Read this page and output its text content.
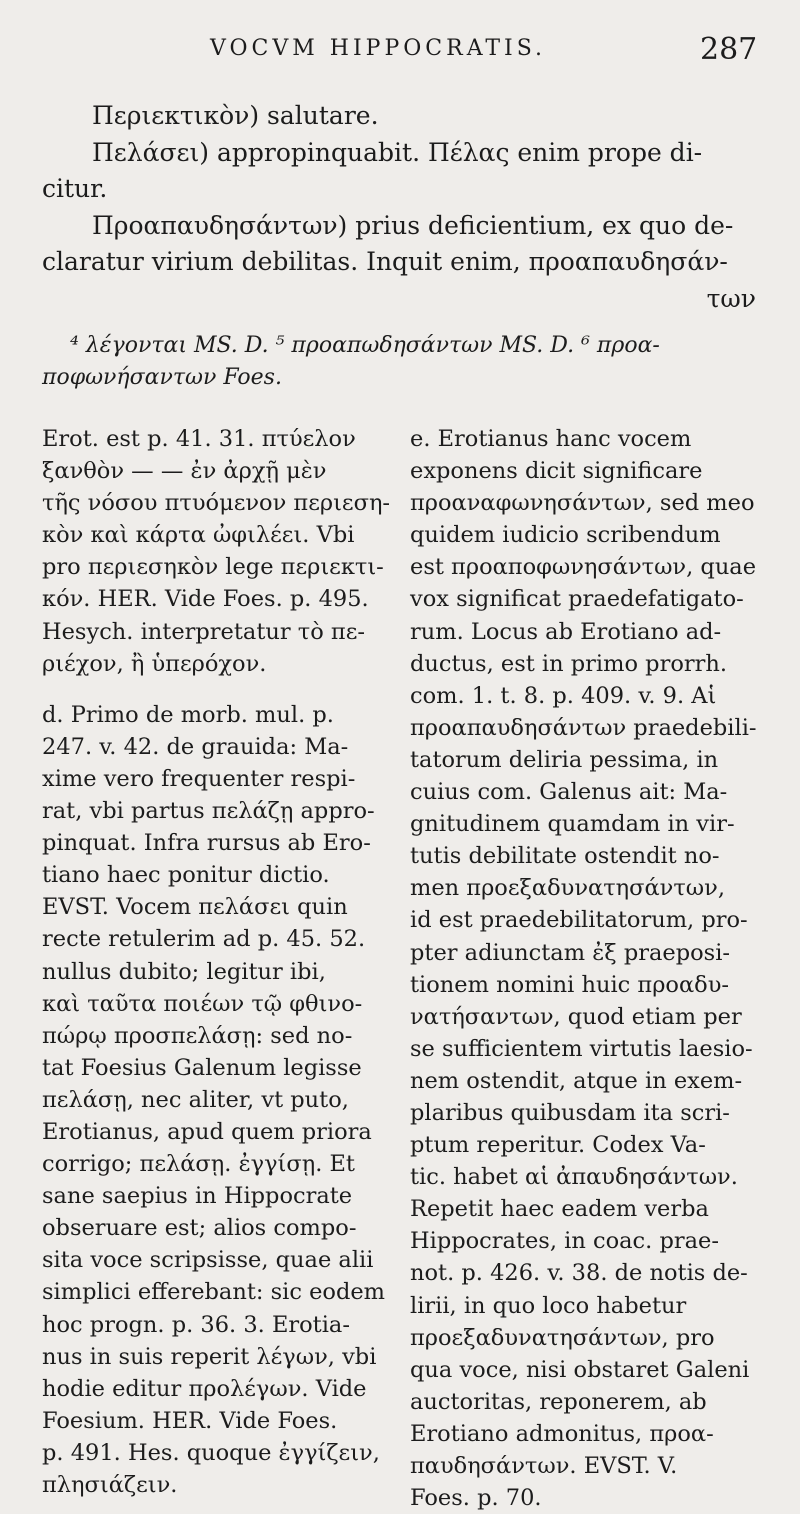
VOCVM HIPPOCRATIS.	287

Περιεκτικὸν) salutare.

Πελάσει) appropinquabit. Πέλας enim prope di-

citur.

Προαπαυδησάντων) prius deficientium, ex quo de-

claratur virium debilitas. Inquit enim, προαπαυδησάν-

των

⁴ λέγονται MS. D. ⁵ προαπωδησάντων MS. D. ⁶ προα-

ποφωνήσαντων Foes.

Erot. est p. 41. 31. πτύελον

ξανθὸν — — ἐν ἀρχῇ μὲν

τῆς νόσου πτυόμενον περιεση-

κὸν καὶ κάρτα ὠφιλέει. Vbi

pro περιεσηκὸν lege περιεκτι-

κόν. HER. Vide Foes. p. 495.

Hesych. interpretatur τὸ πε-

ριέχον, ἢ ὑπερόχον.

d. Primo de morb. mul. p.

247. v. 42. de grauida: Ma-

xime vero frequenter respi-

rat, vbi partus πελάζῃ appro-

pinquat. Infra rursus ab Ero-

tiano haec ponitur dictio.

EVST. Vocem πελάσει quin

recte retulerim ad p. 45. 52.

nullus dubito; legitur ibi,

καὶ ταῦτα ποιέων τῷ φθινο-

πώρῳ προσπελάσῃ: sed no-

tat Foesius Galenum legisse

πελάσῃ, nec aliter, vt puto,

Erotianus, apud quem priora

corrigo; πελάσῃ. ἐγγίσῃ. Et

sane saepius in Hippocrate

obseruare est; alios compo-

sita voce scripsisse, quae alii

simplici efferebant: sic eodem

hoc progn. p. 36. 3. Erotia-

nus in suis reperit λέγων, vbi

hodie editur προλέγων. Vide

Foesium. HER. Vide Foes.

p. 491. Hes. quoque ἐγγίζειν,

πλησιάζειν.

e. Erotianus hanc vocem

exponens dicit significare

προαναφωνησάντων, sed meo

quidem iudicio scribendum

est προαποφωνησάντων, quae

vox significat praedefatigato-

rum. Locus ab Erotiano ad-

ductus, est in primo prorrh.

com. 1. t. 8. p. 409. v. 9. Αἱ

προαπαυδησάντων praedebili-

tatorum deliria pessima, in

cuius com. Galenus ait: Ma-

gnitudinem quamdam in vir-

tutis debilitate ostendit no-

men προεξαδυνατησάντων,

id est praedebilitatorum, pro-

pter adiunctam ἐξ praeposi-

tionem nomini huic προαδυ-

νατήσαντων, quod etiam per

se sufficientem virtutis laesio-

nem ostendit, atque in exem-

plaribus quibusdam ita scri-

ptum reperitur. Codex Va-

tic. habet αἱ ἀπαυδησάντων.

Repetit haec eadem verba

Hippocrates, in coac. prae-

not. p. 426. v. 38. de notis de-

lirii, in quo loco habetur

προεξαδυνατησάντων, pro

qua voce, nisi obstaret Galeni

auctoritas, reponerem, ab

Erotiano admonitus, προα-

παυδησάντων. EVST. V.

Foes. p. 70.
